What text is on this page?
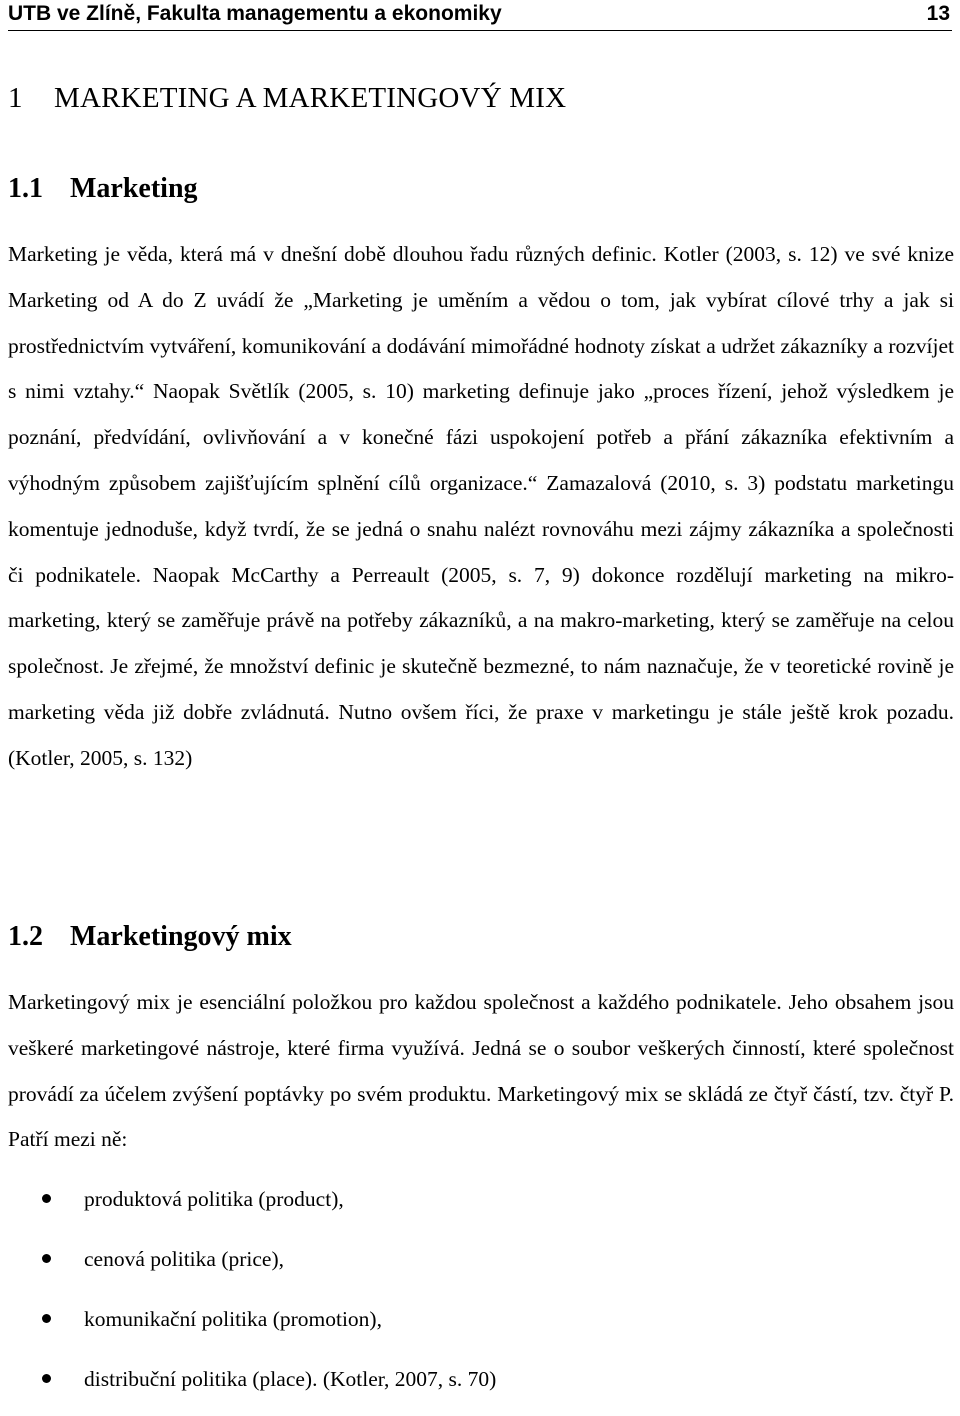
UTB ve Zlíně, Fakulta managementu a ekonomiky	13
1 MARKETING A MARKETINGOVÝ MIX
1.1 Marketing
Marketing je věda, která má v dnešní době dlouhou řadu různých definic. Kotler (2003, s. 12) ve své knize Marketing od A do Z uvádí že „Marketing je uměním a vědou o tom, jak vybírat cílové trhy a jak si prostřednictvím vytváření, komunikování a dodávání mimořádné hodnoty získat a udržet zákazníky a rozvíjet s nimi vztahy.“ Naopak Světlík (2005, s. 10) marketing definuje jako „proces řízení, jehož výsledkem je poznání, předvídání, ovlivňování a v konečné fázi uspokojení potřeb a přání zákazníka efektivním a výhodným způsobem zajišťujícím splnění cílů organizace.“ Zamazalová (2010, s. 3) podstatu marketingu komentuje jednoduše, když tvrdí, že se jedná o snahu nalézt rovnováhu mezi zájmy zákazníka a společnosti či podnikatele. Naopak McCarthy a Perreault (2005, s. 7, 9) dokonce rozdělují marketing na mikro-marketing, který se zaměřuje právě na potřeby zákazníků, a na makro-marketing, který se zaměřuje na celou společnost. Je zřejmé, že množství definic je skutečně bezmezné, to nám naznačuje, že v teoretické rovině je marketing věda již dobře zvládnutá. Nutno ovšem říci, že praxe v marketingu je stále ještě krok pozadu. (Kotler, 2005, s. 132)
1.2 Marketingový mix
Marketingový mix je esenciální položkou pro každou společnost a každého podnikatele. Jeho obsahem jsou veškeré marketingové nástroje, které firma využívá. Jedná se o soubor veškerých činností, které společnost provádí za účelem zvýšení poptávky po svém produktu. Marketingový mix se skládá ze čtyř částí, tzv. čtyř P. Patří mezi ně:
produktová politika (product),
cenová politika (price),
komunikační politika (promotion),
distribuční politika (place). (Kotler, 2007, s. 70)
